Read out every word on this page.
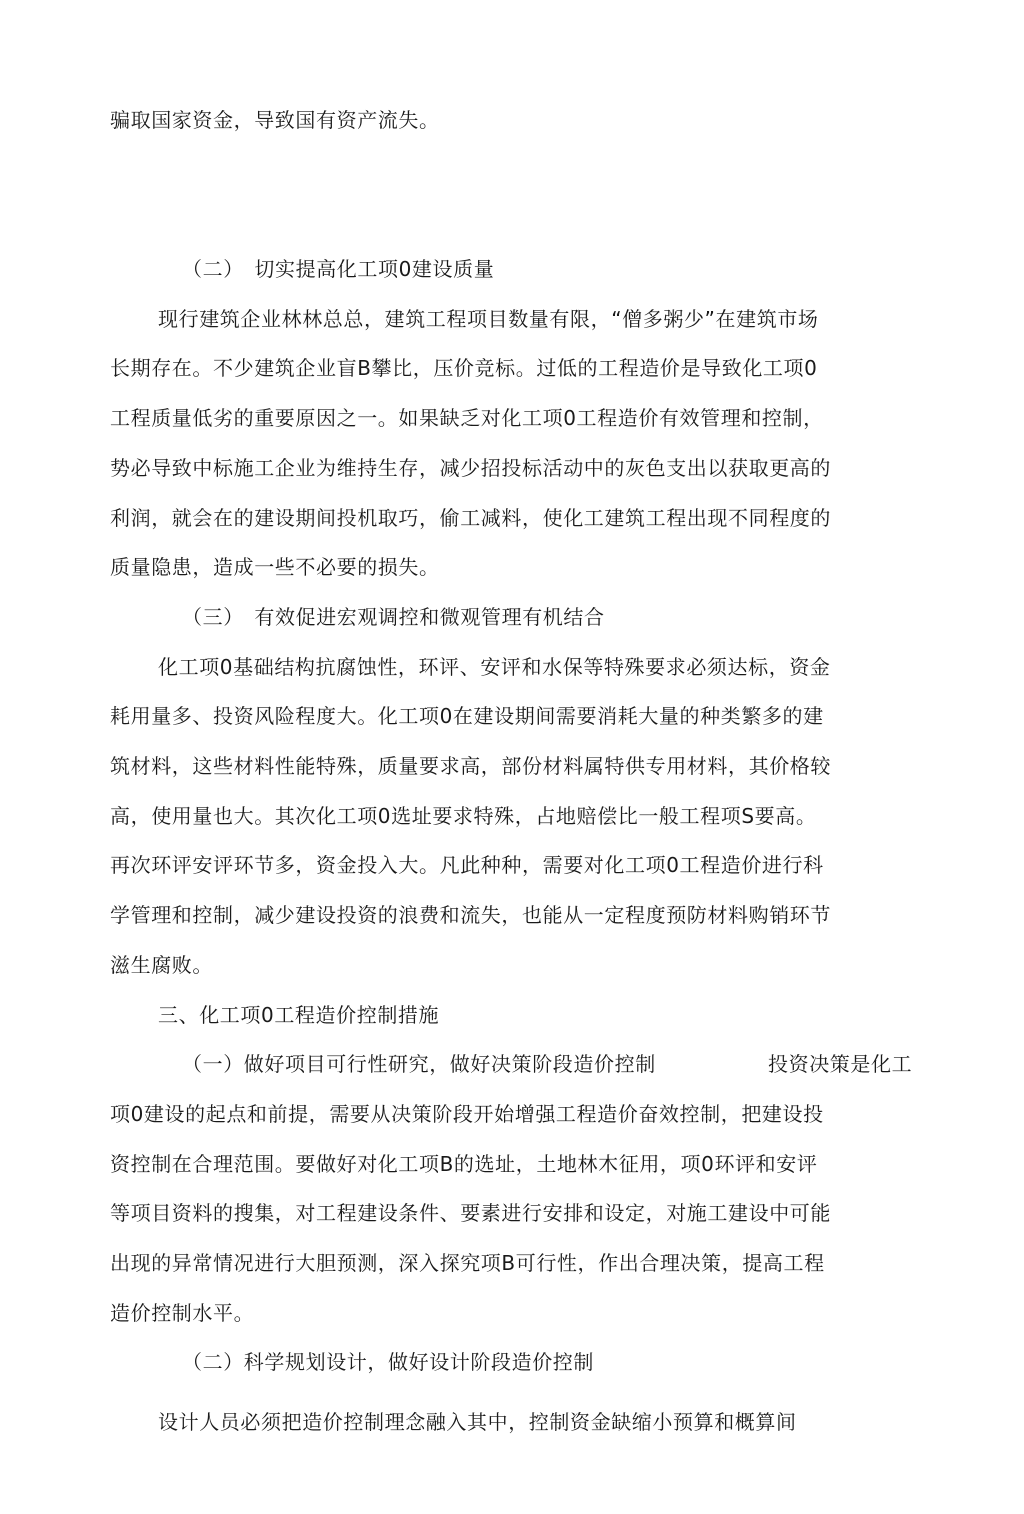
骗取国家资金，导致国有资产流失。
（二）　切实提高化工项0建设质量
现行建筑企业林林总总，建筑工程项目数量有限，“僧多粥少”在建筑市场
长期存在。不少建筑企业盲B攀比，压价竞标。过低的工程造价是导致化工项0
工程质量低劣的重要原因之一。如果缺乏对化工项0工程造价有效管理和控制，
势必导致中标施工企业为维持生存，减少招投标活动中的灰色支出以获取更高的
利润，就会在的建设期间投机取巧，偷工减料，使化工建筑工程出现不同程度的
质量隐患，造成一些不必要的损失。
（三）　有效促进宏观调控和微观管理有机结合
化工项0基础结构抗腐蚀性，环评、安评和水保等特殊要求必须达标，资金
耗用量多、投资风险程度大。化工项0在建设期间需要消耗大量的种类繁多的建
筑材料，这些材料性能特殊，质量要求高，部份材料属特供专用材料，其价格较
高，使用量也大。其次化工项0选址要求特殊，占地赔偿比一般工程项S要高。
再次环评安评环节多，资金投入大。凡此种种，需要对化工项0工程造价进行科
学管理和控制，减少建设投资的浪费和流失，也能从一定程度预防材料购销环节
滋生腐败。
三、化工项0工程造价控制措施
（一）做好项目可行性研究，做好决策阶段造价控制	投资决策是化工
项0建设的起点和前提，需要从决策阶段开始增强工程造价奋效控制，把建设投
资控制在合理范围。要做好对化工项B的选址，土地林木征用，项0环评和安评
等项目资料的搜集，对工程建设条件、要素进行安排和设定，对施工建设中可能
出现的异常情况进行大胆预测，深入探究项B可行性，作出合理决策，提高工程
造价控制水平。
（二）科学规划设计，做好设计阶段造价控制
设计人员必须把造价控制理念融入其中，控制资金缺缩小预算和概算间
